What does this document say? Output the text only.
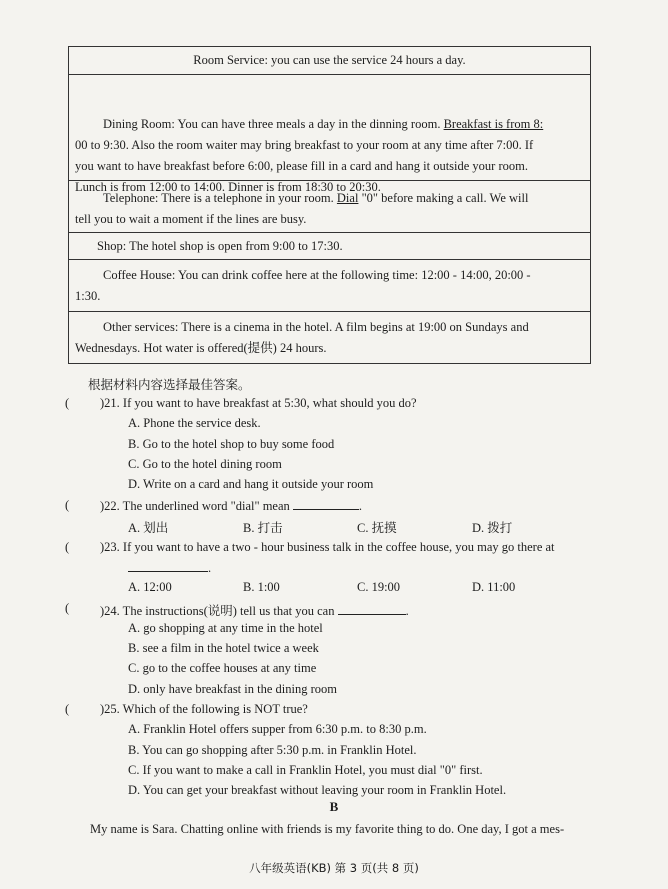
Room Service: you can use the service 24 hours a day.
Dining Room: You can have three meals a day in the dinning room. Breakfast is from 8:
00 to 9:30. Also the room waiter may bring breakfast to your room at any time after 7:00. If
you want to have breakfast before 6:00, please fill in a card and hang it outside your room.
Lunch is from 12:00 to 14:00. Dinner is from 18:30 to 20:30.
Telephone: There is a telephone in your room. Dial "0" before making a call. We will
tell you to wait a moment if the lines are busy.
Shop: The hotel shop is open from 9:00 to 17:30.
Coffee House: You can drink coffee here at the following time: 12:00 - 14:00, 20:00 -
1:30.
Other services: There is a cinema in the hotel. A film begins at 19:00 on Sundays and
Wednesdays. Hot water is offered(提供) 24 hours.
根据材料内容选择最佳答案。
( )21. If you want to have breakfast at 5:30, what should you do?
A. Phone the service desk.
B. Go to the hotel shop to buy some food
C. Go to the hotel dining room
D. Write on a card and hang it outside your room
( )22. The underlined word "dial" mean	.
A. 划出	B. 打击	C. 抚摸	D. 拨打
( )23. If you want to have a two - hour business talk in the coffee house, you may go there at
.
A. 12:00	B. 1:00	C. 19:00	D. 11:00
( )24. The instructions(说明) tell us that you can	.
A. go shopping at any time in the hotel
B. see a film in the hotel twice a week
C. go to the coffee houses at any time
D. only have breakfast in the dining room
( )25. Which of the following is NOT true?
A. Franklin Hotel offers supper from 6:30 p.m. to 8:30 p.m.
B. You can go shopping after 5:30 p.m. in Franklin Hotel.
C. If you want to make a call in Franklin Hotel, you must dial "0" first.
D. You can get your breakfast without leaving your room in Franklin Hotel.
B
My name is Sara. Chatting online with friends is my favorite thing to do. One day, I got a mes-
八年级英语(KB) 第 3 页(共 8 页)
